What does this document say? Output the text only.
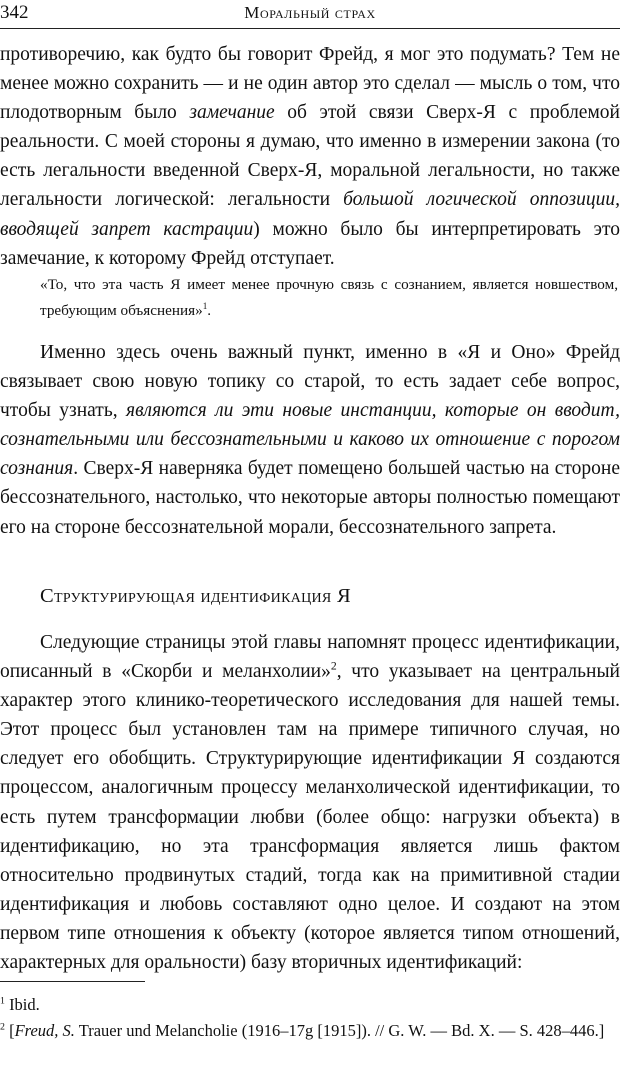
342	Моральный страх

противоречию, как будто бы говорит Фрейд, я мог это подумать? Тем не менее можно сохранить — и не один автор это сделал — мысль о том, что плодотворным было замечание об этой связи Сверх-Я с проблемой реальности. С моей стороны я думаю, что именно в измерении закона (то есть легальности введенной Сверх-Я, моральной легальности, но также легальности логической: легальности большой логической оппозиции, вводящей запрет кастрации) можно было бы интерпретировать это замечание, к которому Фрейд отступает.

«То, что эта часть Я имеет менее прочную связь с сознанием, является новшеством, требующим объяснения»$^1$.

Именно здесь очень важный пункт, именно в «Я и Оно» Фрейд связывает свою новую топику со старой, то есть задает себе вопрос, чтобы узнать, являются ли эти новые инстанции, которые он вводит, сознательными или бессознательными и каково их отношение с порогом сознания. Сверх-Я наверняка будет помещено большей частью на стороне бессознательного, настолько, что некоторые авторы полностью помещают его на стороне бессознательной морали, бессознательного запрета.

Структурирующая идентификация Я

Следующие страницы этой главы напомнят процесс идентификации, описанный в «Скорби и меланхолии»$^2$, что указывает на центральный характер этого клинико-теоретического исследования для нашей темы. Этот процесс был установлен там на примере типичного случая, но следует его обобщить. Структурирующие идентификации Я создаются процессом, аналогичным процессу меланхолической идентификации, то есть путем трансформации любви (более общо: нагрузки объекта) в идентификацию, но эта трансформация является лишь фактом относительно продвинутых стадий, тогда как на примитивной стадии идентификация и любовь составляют одно целое. И создают на этом первом типе отношения к объекту (которое является типом отношений, характерных для оральности) базу вторичных идентификаций:

$^1$ Ibid.

$^2$ [Freud, S. Trauer und Melancholie (1916–17g [1915]). // G. W. — Bd. X. — S. 428–446.]
